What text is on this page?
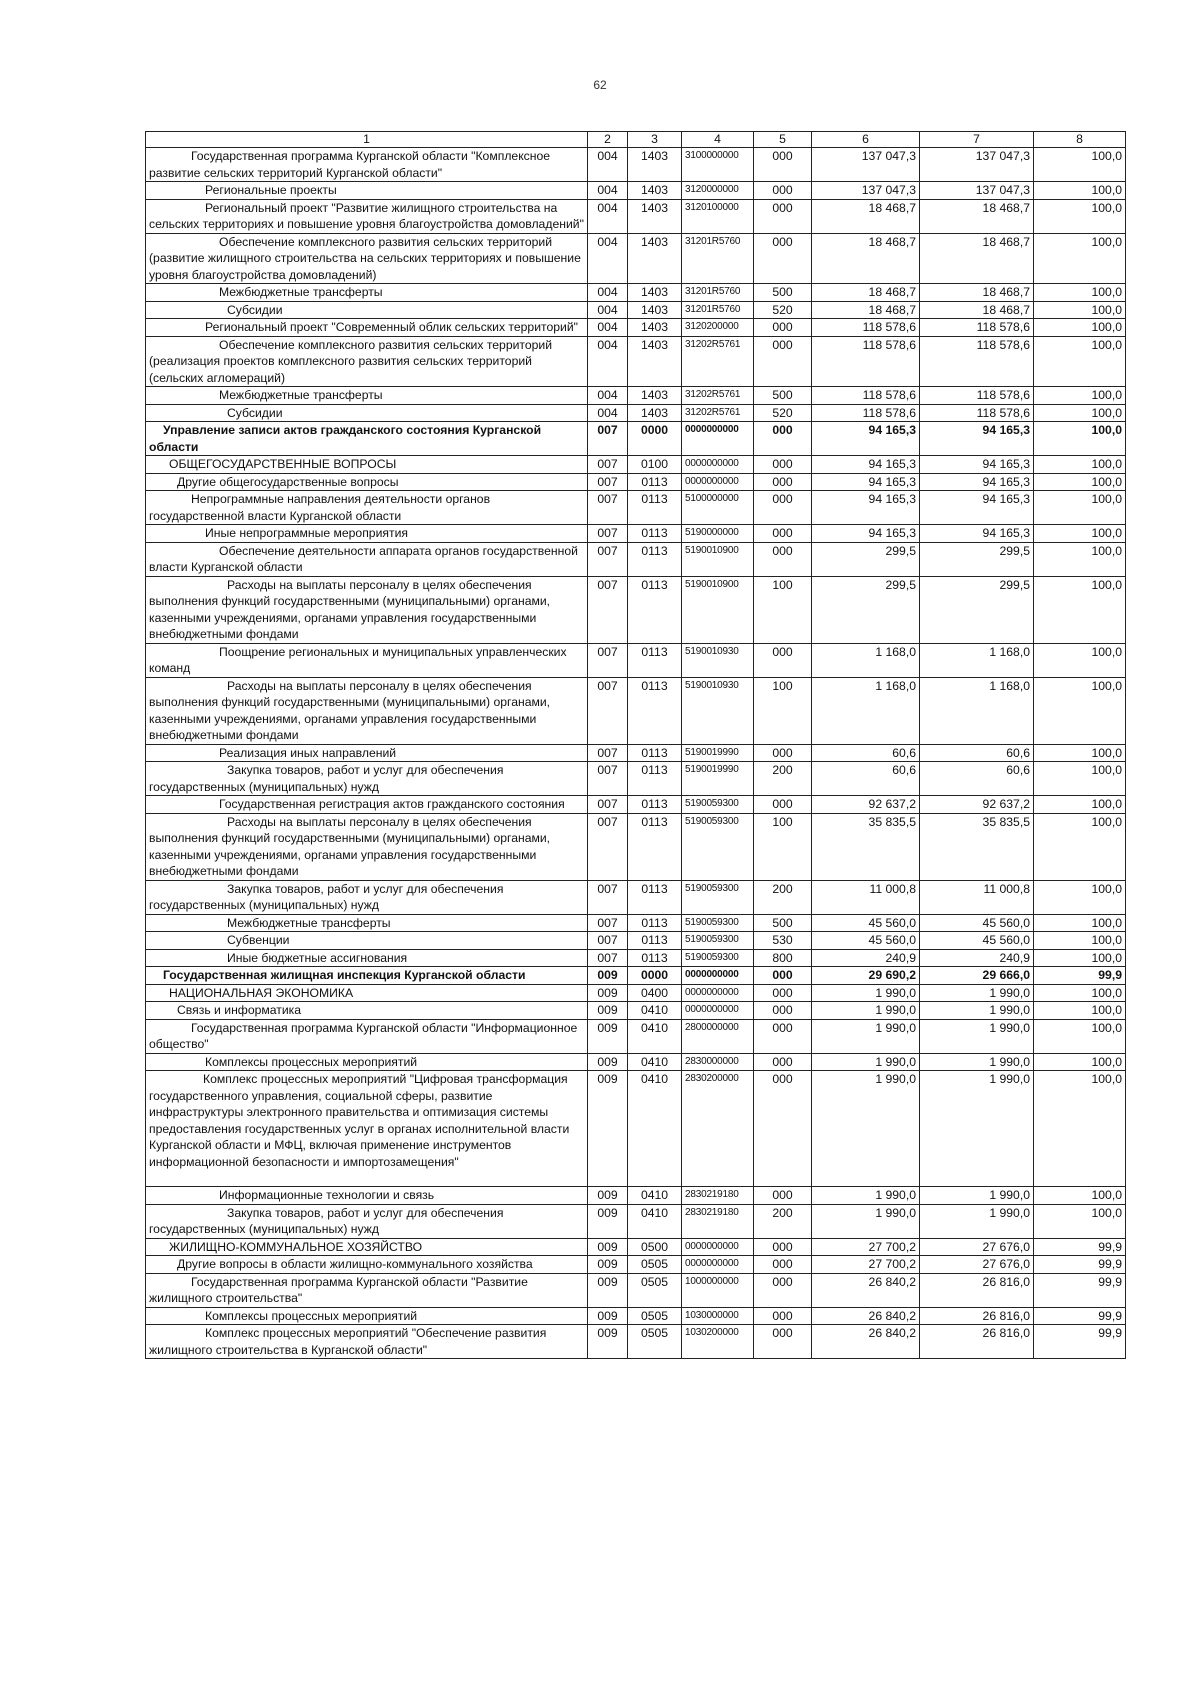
62
1	2	3	4	5	6	7	8
Государственная программа Курганской области "Комплексное развитие сельских территорий Курганской области"	004	1403	3100000000	000	137 047,3	137 047,3	100,0
Региональные проекты	004	1403	3120000000	000	137 047,3	137 047,3	100,0
Региональный проект "Развитие жилищного строительства на сельских территориях и повышение уровня благоустройства домовладений"	004	1403	3120100000	000	18 468,7	18 468,7	100,0
Обеспечение комплексного развития сельских территорий (развитие жилищного строительства на сельских территориях и повышение уровня благоустройства домовладений)	004	1403	31201R5760	000	18 468,7	18 468,7	100,0
Межбюджетные трансферты	004	1403	31201R5760	500	18 468,7	18 468,7	100,0
Субсидии	004	1403	31201R5760	520	18 468,7	18 468,7	100,0
Региональный проект "Современный облик сельских территорий"	004	1403	3120200000	000	118 578,6	118 578,6	100,0
Обеспечение комплексного развития сельских территорий (реализация проектов комплексного развития сельских территорий (сельских агломераций)	004	1403	31202R5761	000	118 578,6	118 578,6	100,0
Межбюджетные трансферты	004	1403	31202R5761	500	118 578,6	118 578,6	100,0
Субсидии	004	1403	31202R5761	520	118 578,6	118 578,6	100,0
Управление записи актов гражданского состояния Курганской области	007	0000	0000000000	000	94 165,3	94 165,3	100,0
ОБЩЕГОСУДАРСТВЕННЫЕ ВОПРОСЫ	007	0100	0000000000	000	94 165,3	94 165,3	100,0
Другие общегосударственные вопросы	007	0113	0000000000	000	94 165,3	94 165,3	100,0
Непрограммные направления деятельности органов государственной власти Курганской области	007	0113	5100000000	000	94 165,3	94 165,3	100,0
Иные непрограммные мероприятия	007	0113	5190000000	000	94 165,3	94 165,3	100,0
Обеспечение деятельности аппарата органов государственной власти Курганской области	007	0113	5190010900	000	299,5	299,5	100,0
Расходы на выплаты персоналу в целях обеспечения выполнения функций государственными (муниципальными) органами, казенными учреждениями, органами управления государственными внебюджетными фондами	007	0113	5190010900	100	299,5	299,5	100,0
Поощрение региональных и муниципальных управленческих команд	007	0113	5190010930	000	1 168,0	1 168,0	100,0
Расходы на выплаты персоналу в целях обеспечения выполнения функций государственными (муниципальными) органами, казенными учреждениями, органами управления государственными внебюджетными фондами	007	0113	5190010930	100	1 168,0	1 168,0	100,0
Реализация иных направлений	007	0113	5190019990	000	60,6	60,6	100,0
Закупка товаров, работ и услуг для обеспечения государственных (муниципальных) нужд	007	0113	5190019990	200	60,6	60,6	100,0
Государственная регистрация актов гражданского состояния	007	0113	5190059300	000	92 637,2	92 637,2	100,0
Расходы на выплаты персоналу в целях обеспечения выполнения функций государственными (муниципальными) органами, казенными учреждениями, органами управления государственными внебюджетными фондами	007	0113	5190059300	100	35 835,5	35 835,5	100,0
Закупка товаров, работ и услуг для обеспечения государственных (муниципальных) нужд	007	0113	5190059300	200	11 000,8	11 000,8	100,0
Межбюджетные трансферты	007	0113	5190059300	500	45 560,0	45 560,0	100,0
Субвенции	007	0113	5190059300	530	45 560,0	45 560,0	100,0
Иные бюджетные ассигнования	007	0113	5190059300	800	240,9	240,9	100,0
Государственная жилищная инспекция Курганской области	009	0000	0000000000	000	29 690,2	29 666,0	99,9
НАЦИОНАЛЬНАЯ ЭКОНОМИКА	009	0400	0000000000	000	1 990,0	1 990,0	100,0
Связь и информатика	009	0410	0000000000	000	1 990,0	1 990,0	100,0
Государственная программа Курганской области "Информационное общество"	009	0410	2800000000	000	1 990,0	1 990,0	100,0
Комплексы процессных мероприятий	009	0410	2830000000	000	1 990,0	1 990,0	100,0
Комплекс процессных мероприятий "Цифровая трансформация государственного управления, социальной сферы, развитие инфраструктуры электронного правительства и оптимизация системы предоставления государственных услуг в органах исполнительной власти Курганской области и МФЦ, включая применение инструментов информационной безопасности и импортозамещения"	009	0410	2830200000	000	1 990,0	1 990,0	100,0
Информационные технологии и связь	009	0410	2830219180	000	1 990,0	1 990,0	100,0
Закупка товаров, работ и услуг для обеспечения государственных (муниципальных) нужд	009	0410	2830219180	200	1 990,0	1 990,0	100,0
ЖИЛИЩНО-КОММУНАЛЬНОЕ ХОЗЯЙСТВО	009	0500	0000000000	000	27 700,2	27 676,0	99,9
Другие вопросы в области жилищно-коммунального хозяйства	009	0505	0000000000	000	27 700,2	27 676,0	99,9
Государственная программа Курганской области "Развитие жилищного строительства"	009	0505	1000000000	000	26 840,2	26 816,0	99,9
Комплексы процессных мероприятий	009	0505	1030000000	000	26 840,2	26 816,0	99,9
Комплекс процессных мероприятий "Обеспечение развития жилищного строительства в Курганской области"	009	0505	1030200000	000	26 840,2	26 816,0	99,9
